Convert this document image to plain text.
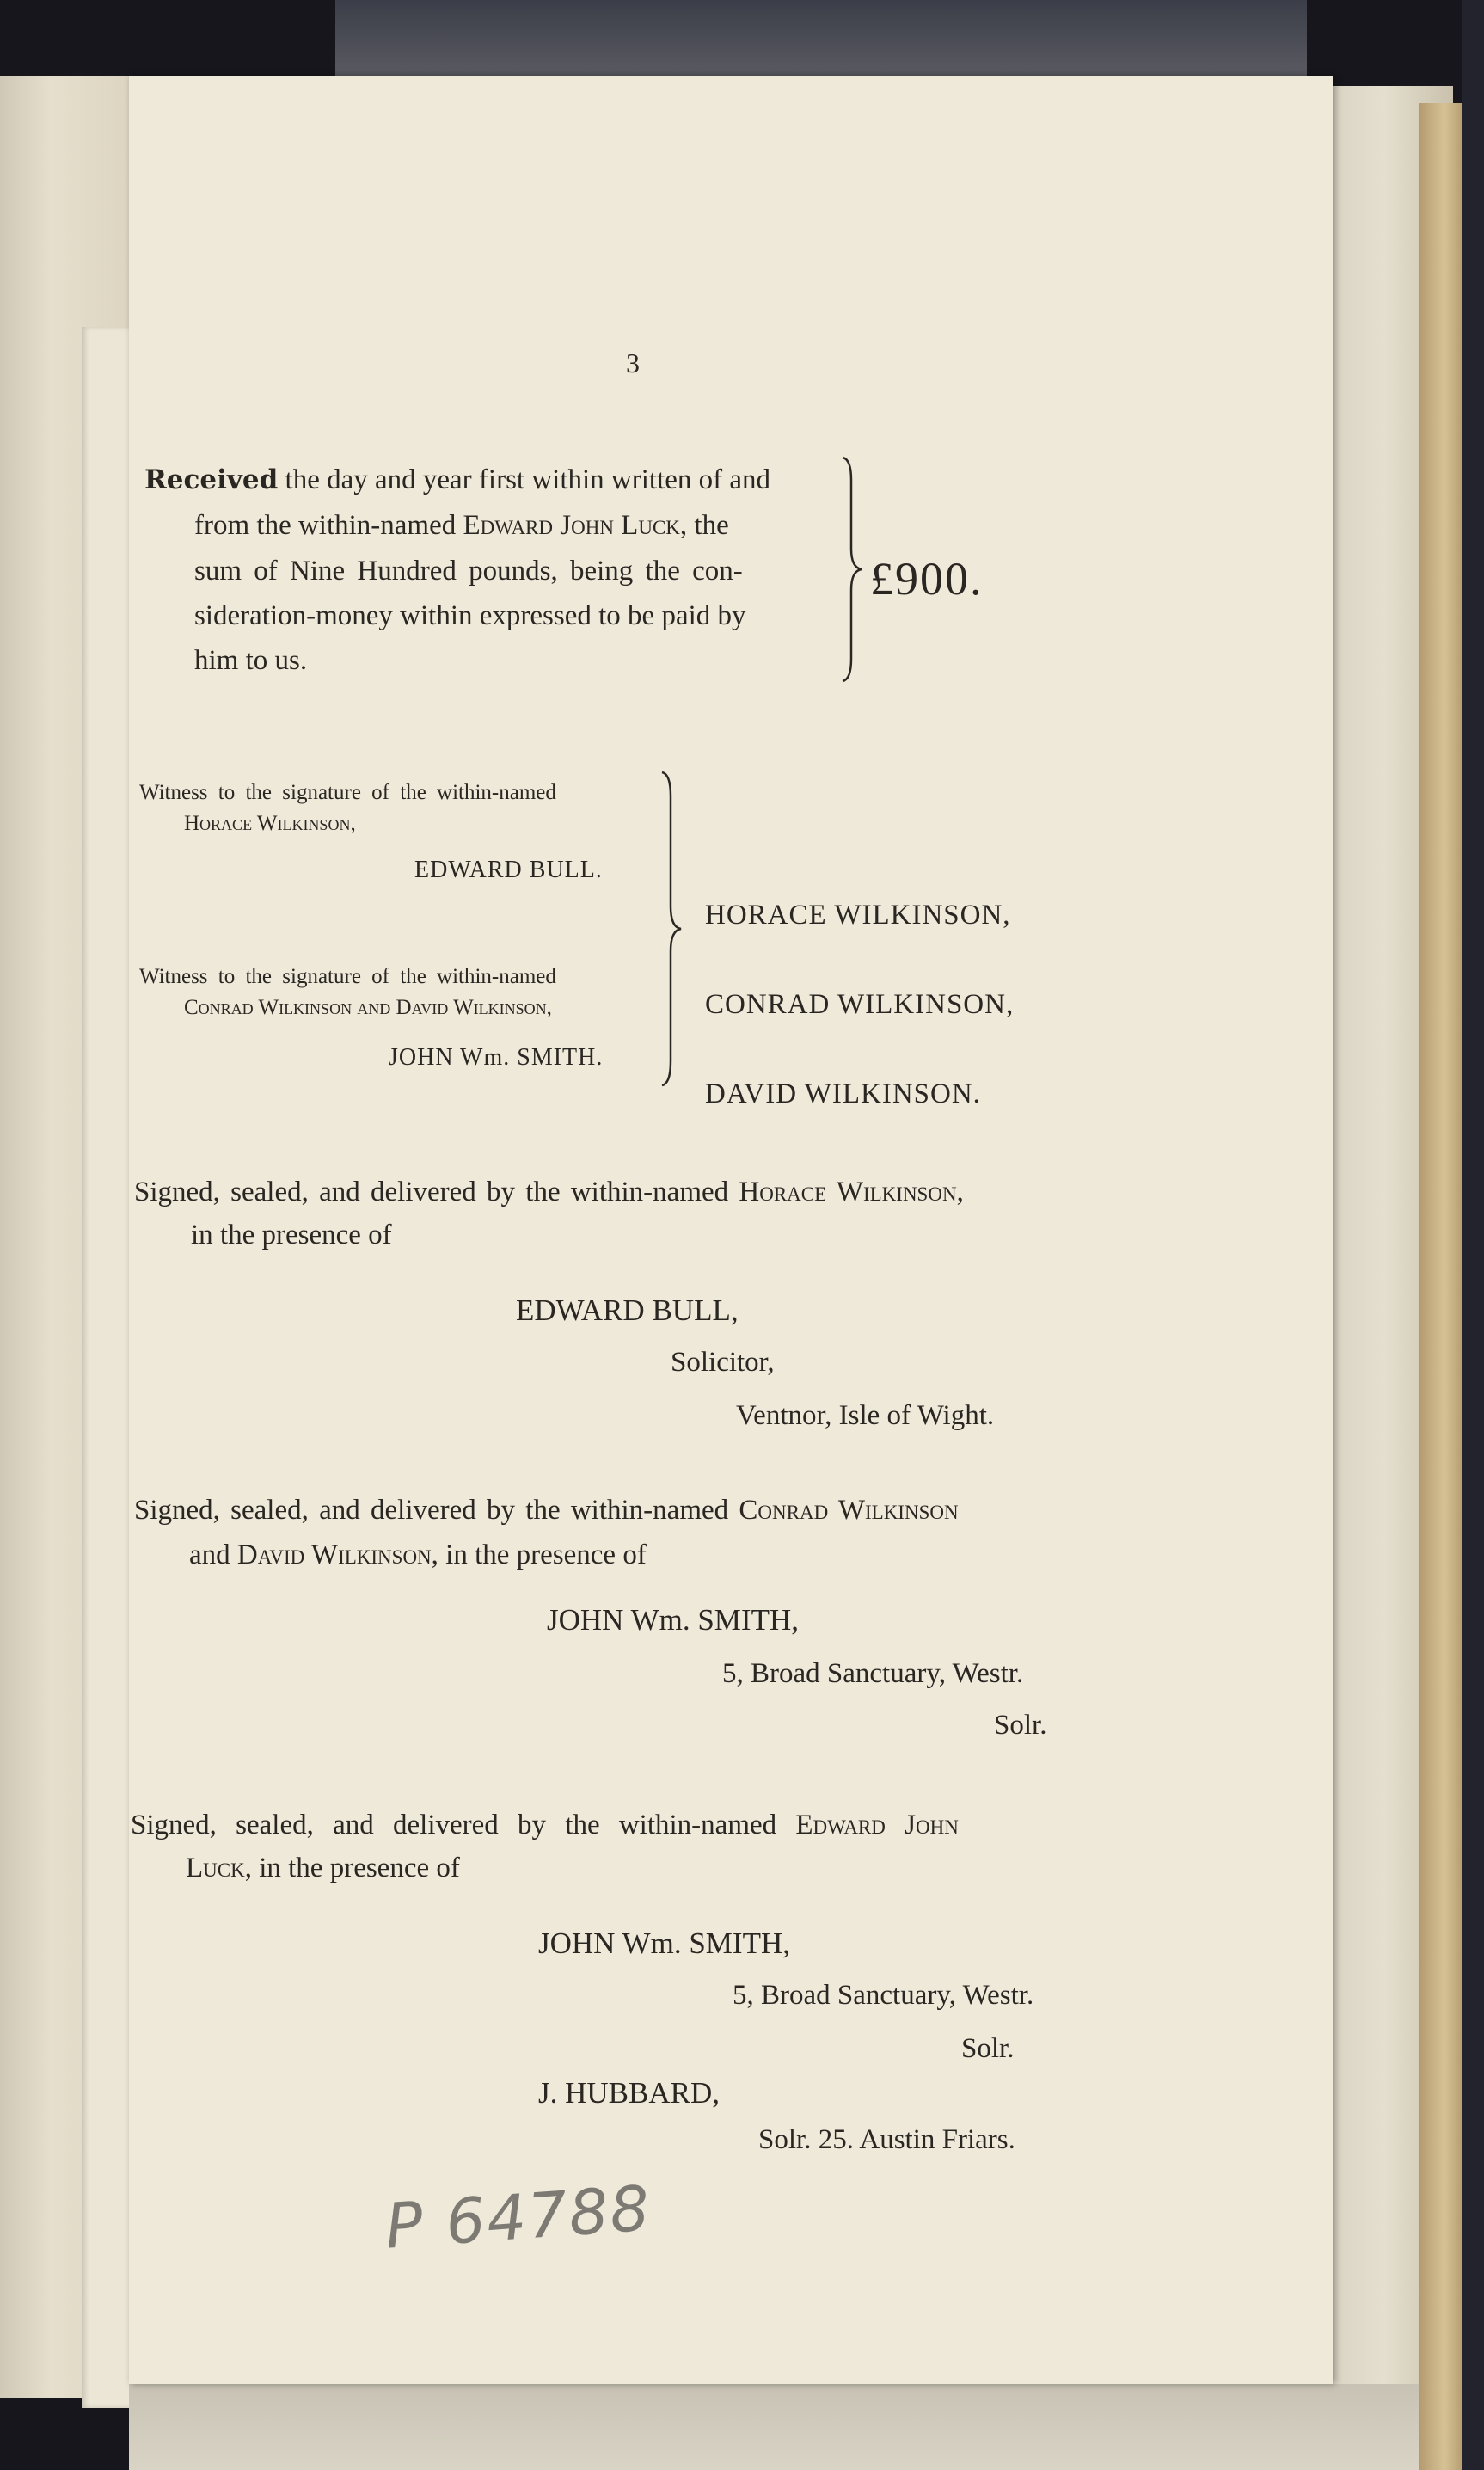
3
Received the day and year first within written of and
from the within-named Edward John Luck, the
sum of Nine Hundred pounds, being the con-
sideration-money within expressed to be paid by
him to us.
£900.
Witness to the signature of the within-named
Horace Wilkinson,
EDWARD BULL.
Witness to the signature of the within-named
Conrad Wilkinson and David Wilkinson,
JOHN Wm. SMITH.
HORACE WILKINSON,
CONRAD WILKINSON,
DAVID WILKINSON.
Signed, sealed, and delivered by the within-named Horace Wilkinson,
in the presence of
EDWARD BULL,
Solicitor,
Ventnor, Isle of Wight.
Signed, sealed, and delivered by the within-named Conrad Wilkinson
and David Wilkinson, in the presence of
JOHN Wm. SMITH,
5, Broad Sanctuary, Westr.
Solr.
Signed, sealed, and delivered by the within-named Edward John
Luck, in the presence of
JOHN Wm. SMITH,
5, Broad Sanctuary, Westr.
Solr.
J. HUBBARD,
Solr. 25. Austin Friars.
P 64788
